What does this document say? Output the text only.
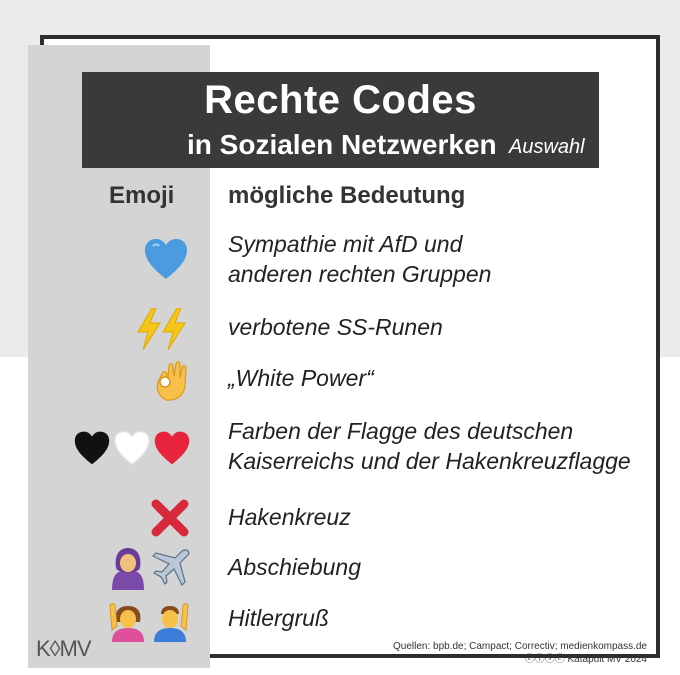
Rechte Codes
in Sozialen Netzwerken Auswahl
Emoji mögliche Bedeutung
Sympathie mit AfD und
anderen rechten Gruppen
verbotene SS-Runen
„White Power“
Farben der Flagge des deutschen
Kaiserreichs und der Hakenkreuzflagge
Hakenkreuz
Abschiebung
Hitlergruß
K◊MV	Quellen: bpb.de; Campact; Correctiv; medienkompass.de
ⓒⓘⓢⓔ Katapult MV 2024
